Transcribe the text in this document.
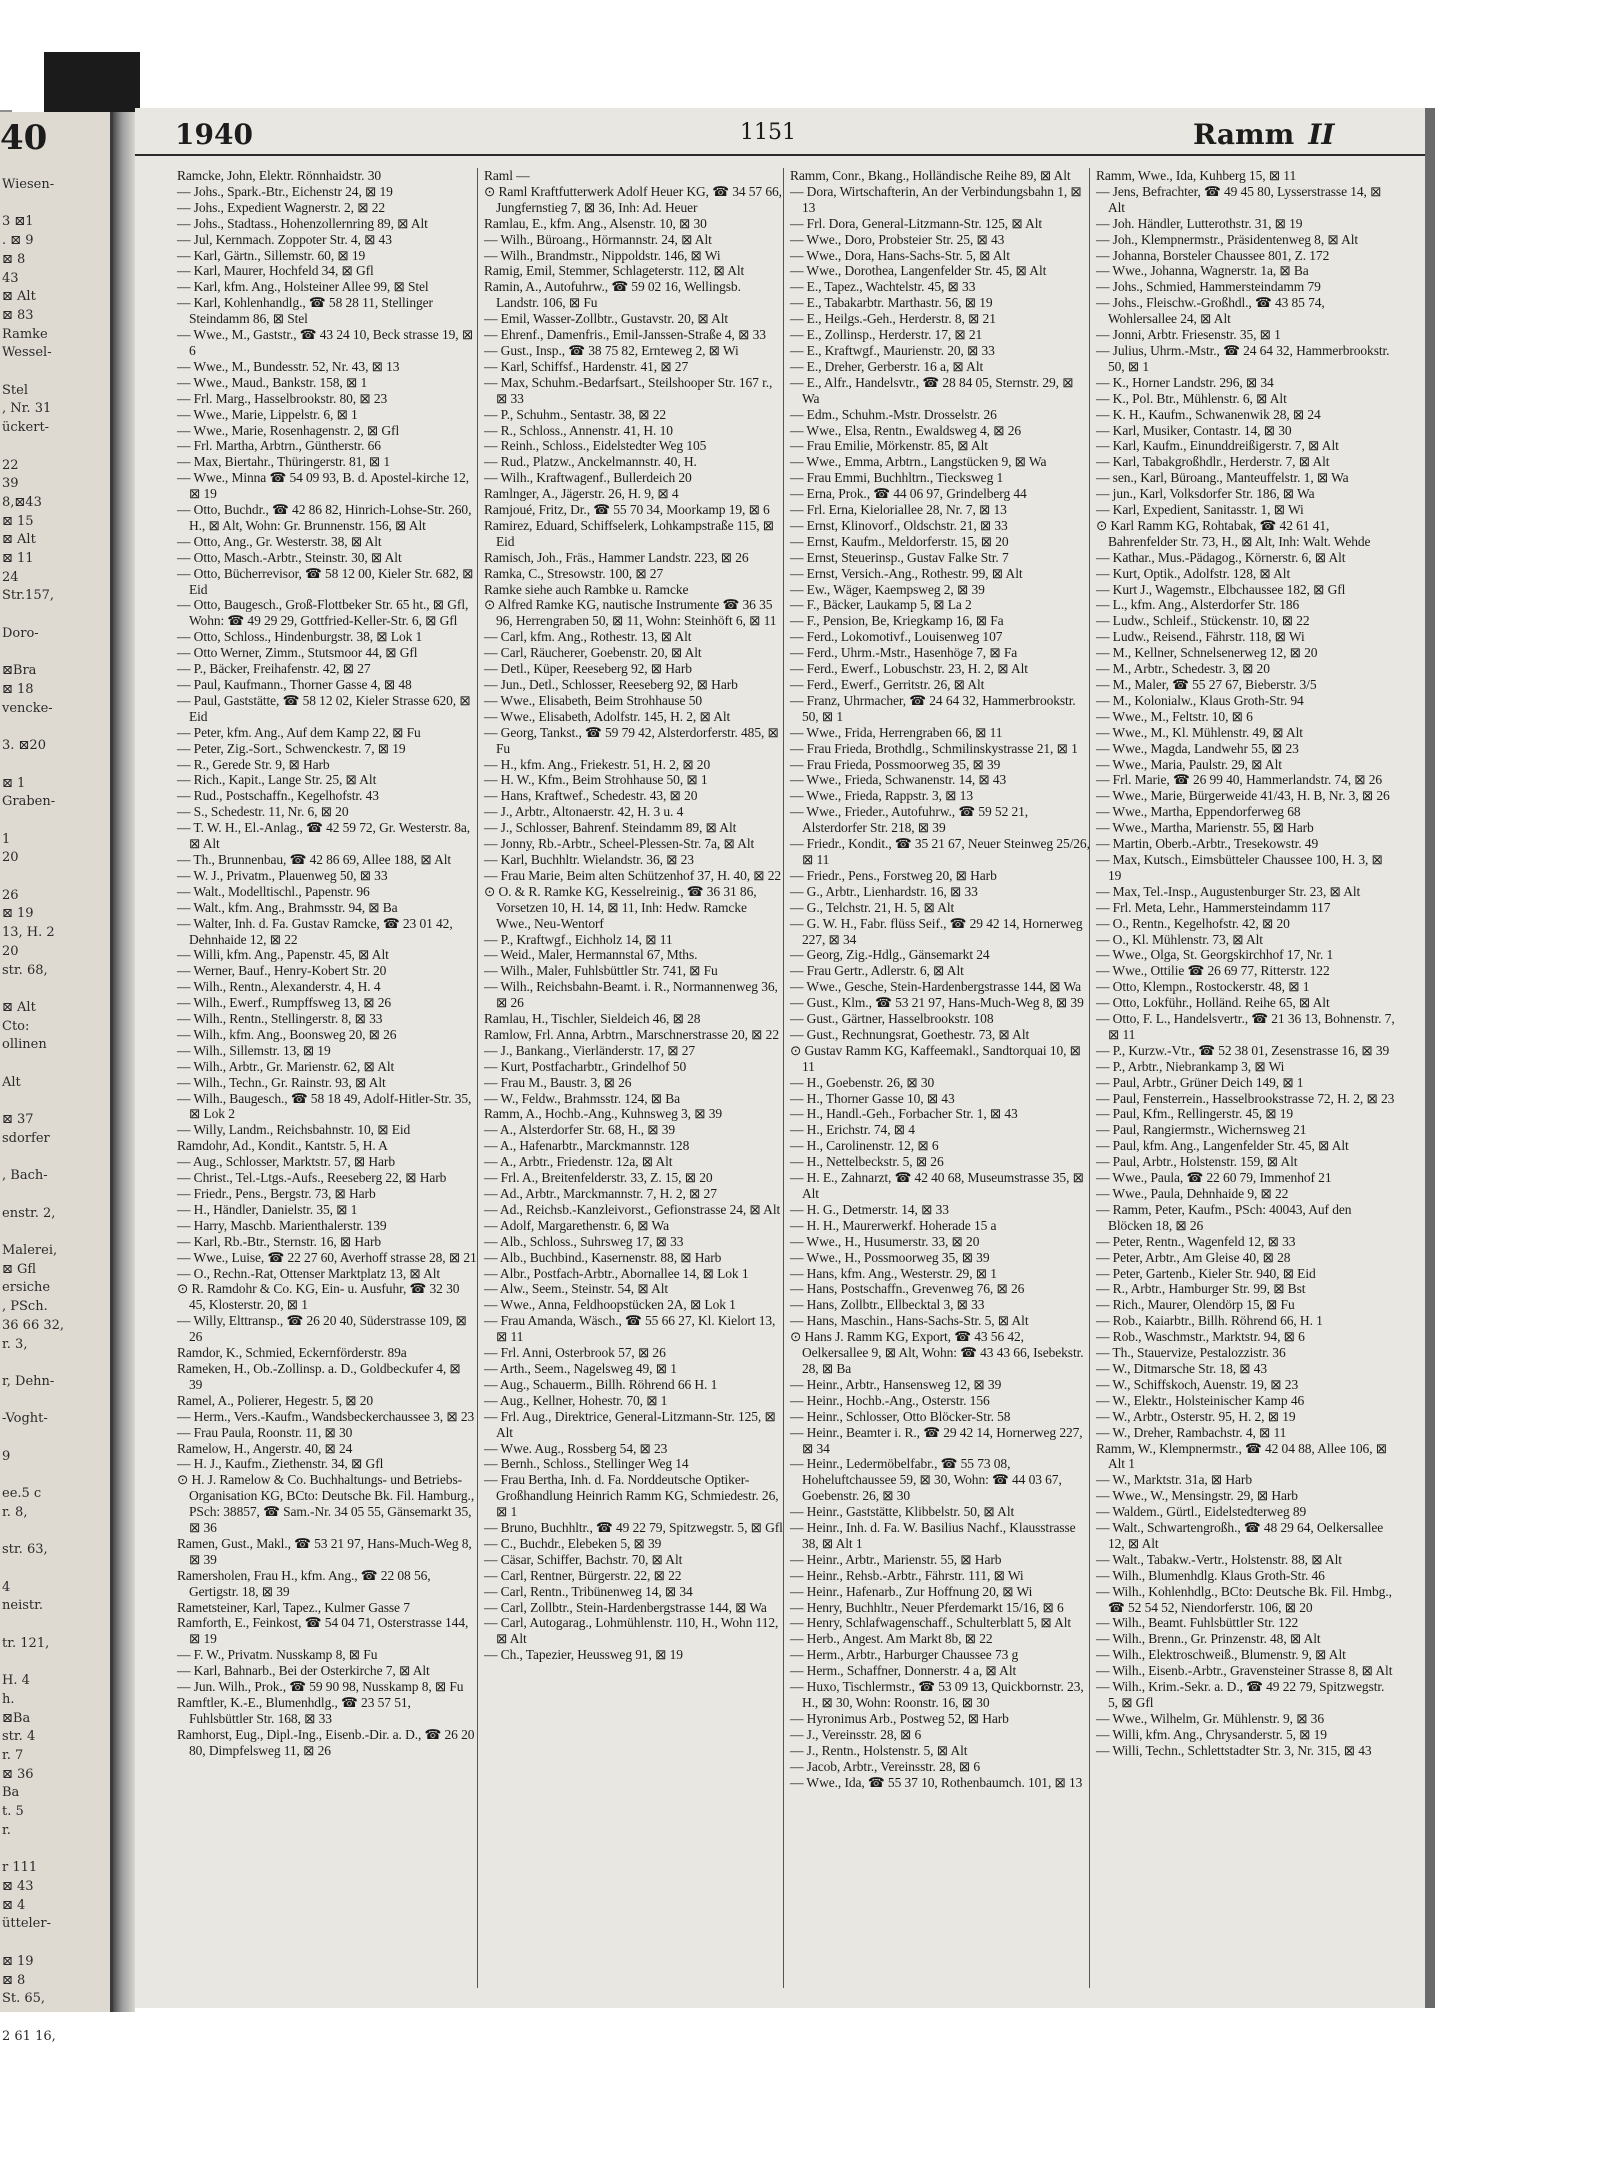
40
Wiesen-

3 ⊠1
. ⊠ 9
⊠ 8
43
⊠ Alt
⊠ 83
Ramke
Wessel-

Stel
, Nr. 31
ückert-

22
39
8,⊠43
⊠ 15
⊠ Alt
⊠ 11
24
Str.157,

Doro-

⊠Bra
⊠ 18
vencke-

3. ⊠20

⊠ 1
Graben-

1
20

26
⊠ 19
13, H. 2
20
str. 68,

⊠ Alt
Cto:
ollinen

Alt

⊠ 37
sdorfer

, Bach-

enstr. 2,

Malerei,
⊠ Gfl
ersiche
, PSch.
36 66 32,
r. 3,

r, Dehn-

-Voght-

9

ee.5 c
r. 8,

str. 63,

4
neistr.

tr. 121,

H. 4
h.
⊠Ba
str. 4
r. 7
⊠ 36
Ba
t. 5
r.

r 111
⊠ 43
⊠ 4
ütteler-

⊠ 19
⊠ 8
St. 65,

2 61 16,
1940	1151	Ramm II

Ramcke, John, Elektr. Rönnhaidstr. 30

— Johs., Spark.-Btr., Eichenstr 24, ⊠ 19

— Johs., Expedient Wagnerstr. 2, ⊠ 22

— Johs., Stadtass., Hohenzollernring 89, ⊠ Alt

— Jul, Kernmach. Zoppoter Str. 4, ⊠ 43

— Karl, Gärtn., Sillemstr. 60, ⊠ 19

— Karl, Maurer, Hochfeld 34, ⊠ Gfl

— Karl, kfm. Ang., Holsteiner Allee 99, ⊠ Stel

— Karl, Kohlenhandlg., ☎ 58 28 11, Stellinger Steindamm 86, ⊠ Stel

— Wwe., M., Gaststr., ☎ 43 24 10, Beck strasse 19, ⊠ 6

— Wwe., M., Bundesstr. 52, Nr. 43, ⊠ 13

— Wwe., Maud., Bankstr. 158, ⊠ 1

— Frl. Marg., Hasselbrookstr. 80, ⊠ 23

— Wwe., Marie, Lippelstr. 6, ⊠ 1

— Wwe., Marie, Rosenhagenstr. 2, ⊠ Gfl

— Frl. Martha, Arbtrn., Güntherstr. 66

— Max, Biertahr., Thüringerstr. 81, ⊠ 1

— Wwe., Minna ☎ 54 09 93, B. d. Apostel-kirche 12, ⊠ 19

— Otto, Buchdr., ☎ 42 86 82, Hinrich-Lohse-Str. 260, H., ⊠ Alt, Wohn: Gr. Brunnenstr. 156, ⊠ Alt

— Otto, Ang., Gr. Westerstr. 38, ⊠ Alt

— Otto, Masch.-Arbtr., Steinstr. 30, ⊠ Alt

— Otto, Bücherrevisor, ☎ 58 12 00, Kieler Str. 682, ⊠ Eid

— Otto, Baugesch., Groß-Flottbeker Str. 65 ht., ⊠ Gfl, Wohn: ☎ 49 29 29, Gottfried-Keller-Str. 6, ⊠ Gfl

— Otto, Schloss., Hindenburgstr. 38, ⊠ Lok 1

— Otto Werner, Zimm., Stutsmoor 44, ⊠ Gfl

— P., Bäcker, Freihafenstr. 42, ⊠ 27

— Paul, Kaufmann., Thorner Gasse 4, ⊠ 48

— Paul, Gaststätte, ☎ 58 12 02, Kieler Strasse 620, ⊠ Eid

— Peter, kfm. Ang., Auf dem Kamp 22, ⊠ Fu

— Peter, Zig.-Sort., Schwenckestr. 7, ⊠ 19

— R., Gerede Str. 9, ⊠ Harb

— Rich., Kapit., Lange Str. 25, ⊠ Alt

— Rud., Postschaffn., Kegelhofstr. 43

— S., Schedestr. 11, Nr. 6, ⊠ 20

— T. W. H., El.-Anlag., ☎ 42 59 72, Gr. Westerstr. 8a, ⊠ Alt

— Th., Brunnenbau, ☎ 42 86 69, Allee 188, ⊠ Alt

— W. J., Privatm., Plauenweg 50, ⊠ 33

— Walt., Modelltischl., Papenstr. 96

— Walt., kfm. Ang., Brahmsstr. 94, ⊠ Ba

— Walter, Inh. d. Fa. Gustav Ramcke, ☎ 23 01 42, Dehnhaide 12, ⊠ 22

— Willi, kfm. Ang., Papenstr. 45, ⊠ Alt

— Werner, Bauf., Henry-Kobert Str. 20

— Wilh., Rentn., Alexanderstr. 4, H. 4

— Wilh., Ewerf., Rumpffsweg 13, ⊠ 26

— Wilh., Rentn., Stellingerstr. 8, ⊠ 33

— Wilh., kfm. Ang., Boonsweg 20, ⊠ 26

— Wilh., Sillemstr. 13, ⊠ 19

— Wilh., Arbtr., Gr. Marienstr. 62, ⊠ Alt

— Wilh., Techn., Gr. Rainstr. 93, ⊠ Alt

— Wilh., Baugesch., ☎ 58 18 49, Adolf-Hitler-Str. 35, ⊠ Lok 2

— Willy, Landm., Reichsbahnstr. 10, ⊠ Eid

Ramdohr, Ad., Kondit., Kantstr. 5, H. A

— Aug., Schlosser, Marktstr. 57, ⊠ Harb

— Christ., Tel.-Ltgs.-Aufs., Reeseberg 22, ⊠ Harb

— Friedr., Pens., Bergstr. 73, ⊠ Harb

— H., Händler, Danielstr. 35, ⊠ 1

— Harry, Maschb. Marienthalerstr. 139

— Karl, Rb.-Btr., Sternstr. 16, ⊠ Harb

— Wwe., Luise, ☎ 22 27 60, Averhoff strasse 28, ⊠ 21

— O., Rechn.-Rat, Ottenser Marktplatz 13, ⊠ Alt

⊙ R. Ramdohr & Co. KG, Ein- u. Ausfuhr, ☎ 32 30 45, Klosterstr. 20, ⊠ 1

— Willy, Elttransp., ☎ 26 20 40, Süderstrasse 109, ⊠ 26

Ramdor, K., Schmied, Eckernförderstr. 89a

Rameken, H., Ob.-Zollinsp. a. D., Goldbeckufer 4, ⊠ 39

Ramel, A., Polierer, Hegestr. 5, ⊠ 20

— Herm., Vers.-Kaufm., Wandsbeckerchaussee 3, ⊠ 23

— Frau Paula, Roonstr. 11, ⊠ 30

Ramelow, H., Angerstr. 40, ⊠ 24

— H. J., Kaufm., Ziethenstr. 34, ⊠ Gfl

⊙ H. J. Ramelow & Co. Buchhaltungs- und Betriebs-Organisation KG, BCto: Deutsche Bk. Fil. Hamburg., PSch: 38857, ☎ Sam.-Nr. 34 05 55, Gänsemarkt 35, ⊠ 36

Ramen, Gust., Makl., ☎ 53 21 97, Hans-Much-Weg 8, ⊠ 39

Ramersholen, Frau H., kfm. Ang., ☎ 22 08 56, Gertigstr. 18, ⊠ 39

Rametsteiner, Karl, Tapez., Kulmer Gasse 7

Ramforth, E., Feinkost, ☎ 54 04 71, Osterstrasse 144, ⊠ 19

— F. W., Privatm. Nusskamp 8, ⊠ Fu

— Karl, Bahnarb., Bei der Osterkirche 7, ⊠ Alt

— Jun. Wilh., Prok., ☎ 59 90 98, Nusskamp 8, ⊠ Fu

Ramftler, K.-E., Blumenhdlg., ☎ 23 57 51, Fuhlsbüttler Str. 168, ⊠ 33

Ramhorst, Eug., Dipl.-Ing., Eisenb.-Dir. a. D., ☎ 26 20 80, Dimpfelsweg 11, ⊠ 26

Raml —

⊙ Raml Kraftfutterwerk Adolf Heuer KG, ☎ 34 57 66, Jungfernstieg 7, ⊠ 36, Inh: Ad. Heuer

Ramlau, E., kfm. Ang., Alsenstr. 10, ⊠ 30

— Wilh., Büroang., Hörmannstr. 24, ⊠ Alt

— Wilh., Brandmstr., Nippoldstr. 146, ⊠ Wi

Ramig, Emil, Stemmer, Schlageterstr. 112, ⊠ Alt

Ramin, A., Autofuhrw., ☎ 59 02 16, Wellingsb. Landstr. 106, ⊠ Fu

— Emil, Wasser-Zollbtr., Gustavstr. 20, ⊠ Alt

— Ehrenf., Damenfris., Emil-Janssen-Straße 4, ⊠ 33

— Gust., Insp., ☎ 38 75 82, Ernteweg 2, ⊠ Wi

— Karl, Schiffsf., Hardenstr. 41, ⊠ 27

— Max, Schuhm.-Bedarfsart., Steilshooper Str. 167 r., ⊠ 33

— P., Schuhm., Sentastr. 38, ⊠ 22

— R., Schloss., Annenstr. 41, H. 10

— Reinh., Schloss., Eidelstedter Weg 105

— Rud., Platzw., Anckelmannstr. 40, H.

— Wilh., Kraftwagenf., Bullerdeich 20

Ramlnger, A., Jägerstr. 26, H. 9, ⊠ 4

Ramjoué, Fritz, Dr., ☎ 55 70 34, Moorkamp 19, ⊠ 6

Ramirez, Eduard, Schiffselerk, Lohkampstraße 115, ⊠ Eid

Ramisch, Joh., Fräs., Hammer Landstr. 223, ⊠ 26

Ramka, C., Stresowstr. 100, ⊠ 27

Ramke siehe auch Rambke u. Ramcke

⊙ Alfred Ramke KG, nautische Instrumente ☎ 36 35 96, Herrengraben 50, ⊠ 11, Wohn: Steinhöft 6, ⊠ 11

— Carl, kfm. Ang., Rothestr. 13, ⊠ Alt

— Carl, Räucherer, Goebenstr. 20, ⊠ Alt

— Detl., Küper, Reeseberg 92, ⊠ Harb

— Jun., Detl., Schlosser, Reeseberg 92, ⊠ Harb

— Wwe., Elisabeth, Beim Strohhause 50

— Wwe., Elisabeth, Adolfstr. 145, H. 2, ⊠ Alt

— Georg, Tankst., ☎ 59 79 42, Alsterdorferstr. 485, ⊠ Fu

— H., kfm. Ang., Friekestr. 51, H. 2, ⊠ 20

— H. W., Kfm., Beim Strohhause 50, ⊠ 1

— Hans, Kraftwef., Schedestr. 43, ⊠ 20

— J., Arbtr., Altonaerstr. 42, H. 3 u. 4

— J., Schlosser, Bahrenf. Steindamm 89, ⊠ Alt

— Jonny, Rb.-Arbtr., Scheel-Plessen-Str. 7a, ⊠ Alt

— Karl, Buchhltr. Wielandstr. 36, ⊠ 23

— Frau Marie, Beim alten Schützenhof 37, H. 40, ⊠ 22

⊙ O. & R. Ramke KG, Kesselreinig., ☎ 36 31 86, Vorsetzen 10, H. 14, ⊠ 11, Inh: Hedw. Ramcke Wwe., Neu-Wentorf

— P., Kraftwgf., Eichholz 14, ⊠ 11

— Weid., Maler, Hermannstal 67, Mths.

— Wilh., Maler, Fuhlsbüttler Str. 741, ⊠ Fu

— Wilh., Reichsbahn-Beamt. i. R., Normannenweg 36, ⊠ 26

Ramlau, H., Tischler, Sieldeich 46, ⊠ 28

Ramlow, Frl. Anna, Arbtrn., Marschnerstrasse 20, ⊠ 22

— J., Bankang., Vierländerstr. 17, ⊠ 27

— Kurt, Postfacharbtr., Grindelhof 50

— Frau M., Baustr. 3, ⊠ 26

— W., Feldw., Brahmsstr. 124, ⊠ Ba

Ramm, A., Hochb.-Ang., Kuhnsweg 3, ⊠ 39

— A., Alsterdorfer Str. 68, H., ⊠ 39

— A., Hafenarbtr., Marckmannstr. 128

— A., Arbtr., Friedenstr. 12a, ⊠ Alt

— Frl. A., Breitenfelderstr. 33, Z. 15, ⊠ 20

— Ad., Arbtr., Marckmannstr. 7, H. 2, ⊠ 27

— Ad., Reichsb.-Kanzleivorst., Gefionstrasse 24, ⊠ Alt

— Adolf, Margarethenstr. 6, ⊠ Wa

— Alb., Schloss., Suhrsweg 17, ⊠ 33

— Alb., Buchbind., Kasernenstr. 88, ⊠ Harb

— Albr., Postfach-Arbtr., Abornallee 14, ⊠ Lok 1

— Alw., Seem., Steinstr. 54, ⊠ Alt

— Wwe., Anna, Feldhoopstücken 2A, ⊠ Lok 1

— Frau Amanda, Wäsch., ☎ 55 66 27, Kl. Kielort 13, ⊠ 11

— Frl. Anni, Osterbrook 57, ⊠ 26

— Arth., Seem., Nagelsweg 49, ⊠ 1

— Aug., Schauerm., Billh. Röhrend 66 H. 1

— Aug., Kellner, Hohestr. 70, ⊠ 1

— Frl. Aug., Direktrice, General-Litzmann-Str. 125, ⊠ Alt

— Wwe. Aug., Rossberg 54, ⊠ 23

— Bernh., Schloss., Stellinger Weg 14

— Frau Bertha, Inh. d. Fa. Norddeutsche Optiker-Großhandlung Heinrich Ramm KG, Schmiedestr. 26, ⊠ 1

— Bruno, Buchhltr., ☎ 49 22 79, Spitzwegstr. 5, ⊠ Gfl

— C., Buchdr., Elebeken 5, ⊠ 39

— Cäsar, Schiffer, Bachstr. 70, ⊠ Alt

— Carl, Rentner, Bürgerstr. 22, ⊠ 22

— Carl, Rentn., Tribünenweg 14, ⊠ 34

— Carl, Zollbtr., Stein-Hardenbergstrasse 144, ⊠ Wa

— Carl, Autogarag., Lohmühlenstr. 110, H., Wohn 112, ⊠ Alt

— Ch., Tapezier, Heussweg 91, ⊠ 19

Ramm, Conr., Bkang., Holländische Reihe 89, ⊠ Alt

— Dora, Wirtschafterin, An der Verbindungsbahn 1, ⊠ 13

— Frl. Dora, General-Litzmann-Str. 125, ⊠ Alt

— Wwe., Doro, Probsteier Str. 25, ⊠ 43

— Wwe., Dora, Hans-Sachs-Str. 5, ⊠ Alt

— Wwe., Dorothea, Langenfelder Str. 45, ⊠ Alt

— E., Tapez., Wachtelstr. 45, ⊠ 33

— E., Tabakarbtr. Marthastr. 56, ⊠ 19

— E., Heilgs.-Geh., Herderstr. 8, ⊠ 21

— E., Zollinsp., Herderstr. 17, ⊠ 21

— E., Kraftwgf., Maurienstr. 20, ⊠ 33

— E., Dreher, Gerberstr. 16 a, ⊠ Alt

— E., Alfr., Handelsvtr., ☎ 28 84 05, Sternstr. 29, ⊠ Wa

— Edm., Schuhm.-Mstr. Drosselstr. 26

— Wwe., Elsa, Rentn., Ewaldsweg 4, ⊠ 26

— Frau Emilie, Mörkenstr. 85, ⊠ Alt

— Wwe., Emma, Arbtrn., Langstücken 9, ⊠ Wa

— Frau Emmi, Buchhltrn., Tiecksweg 1

— Erna, Prok., ☎ 44 06 97, Grindelberg 44

— Frl. Erna, Kieloriallee 28, Nr. 7, ⊠ 13

— Ernst, Klinovorf., Oldschstr. 21, ⊠ 33

— Ernst, Kaufm., Meldorferstr. 15, ⊠ 20

— Ernst, Steuerinsp., Gustav Falke Str. 7

— Ernst, Versich.-Ang., Rothestr. 99, ⊠ Alt

— Ew., Wäger, Kaempsweg 2, ⊠ 39

— F., Bäcker, Laukamp 5, ⊠ La 2

— F., Pension, Be, Kriegkamp 16, ⊠ Fa

— Ferd., Lokomotivf., Louisenweg 107

— Ferd., Uhrm.-Mstr., Hasenhöge 7, ⊠ Fa

— Ferd., Ewerf., Lobuschstr. 23, H. 2, ⊠ Alt

— Ferd., Ewerf., Gerritstr. 26, ⊠ Alt

— Franz, Uhrmacher, ☎ 24 64 32, Hammerbrookstr. 50, ⊠ 1

— Wwe., Frida, Herrengraben 66, ⊠ 11

— Frau Frieda, Brothdlg., Schmilinskystrasse 21, ⊠ 1

— Frau Frieda, Possmoorweg 35, ⊠ 39

— Wwe., Frieda, Schwanenstr. 14, ⊠ 43

— Wwe., Frieda, Rappstr. 3, ⊠ 13

— Wwe., Frieder., Autofuhrw., ☎ 59 52 21, Alsterdorfer Str. 218, ⊠ 39

— Friedr., Kondit., ☎ 35 21 67, Neuer Steinweg 25/26, ⊠ 11

— Friedr., Pens., Forstweg 20, ⊠ Harb

— G., Arbtr., Lienhardstr. 16, ⊠ 33

— G., Telchstr. 21, H. 5, ⊠ Alt

— G. W. H., Fabr. flüss Seif., ☎ 29 42 14, Hornerweg 227, ⊠ 34

— Georg, Zig.-Hdlg., Gänsemarkt 24

— Frau Gertr., Adlerstr. 6, ⊠ Alt

— Wwe., Gesche, Stein-Hardenbergstrasse 144, ⊠ Wa

— Gust., Klm., ☎ 53 21 97, Hans-Much-Weg 8, ⊠ 39

— Gust., Gärtner, Hasselbrookstr. 108

— Gust., Rechnungsrat, Goethestr. 73, ⊠ Alt

⊙ Gustav Ramm KG, Kaffeemakl., Sandtorquai 10, ⊠ 11

— H., Goebenstr. 26, ⊠ 30

— H., Thorner Gasse 10, ⊠ 43

— H., Handl.-Geh., Forbacher Str. 1, ⊠ 43

— H., Erichstr. 74, ⊠ 4

— H., Carolinenstr. 12, ⊠ 6

— H., Nettelbeckstr. 5, ⊠ 26

— H. E., Zahnarzt, ☎ 42 40 68, Museumstrasse 35, ⊠ Alt

— H. G., Detmerstr. 14, ⊠ 33

— H. H., Maurerwerkf. Hoherade 15 a

— Wwe., H., Husumerstr. 33, ⊠ 20

— Wwe., H., Possmoorweg 35, ⊠ 39

— Hans, kfm. Ang., Westerstr. 29, ⊠ 1

— Hans, Postschaffn., Grevenweg 76, ⊠ 26

— Hans, Zollbtr., Ellbecktal 3, ⊠ 33

— Hans, Maschin., Hans-Sachs-Str. 5, ⊠ Alt

⊙ Hans J. Ramm KG, Export, ☎ 43 56 42, Oelkersallee 9, ⊠ Alt, Wohn: ☎ 43 43 66, Isebekstr. 28, ⊠ Ba

— Heinr., Arbtr., Hansensweg 12, ⊠ 39

— Heinr., Hochb.-Ang., Osterstr. 156

— Heinr., Schlosser, Otto Blöcker-Str. 58

— Heinr., Beamter i. R., ☎ 29 42 14, Hornerweg 227, ⊠ 34

— Heinr., Ledermöbelfabr., ☎ 55 73 08, Hoheluftchaussee 59, ⊠ 30, Wohn: ☎ 44 03 67, Goebenstr. 26, ⊠ 30

— Heinr., Gaststätte, Klibbelstr. 50, ⊠ Alt

— Heinr., Inh. d. Fa. W. Basilius Nachf., Klausstrasse 38, ⊠ Alt 1

— Heinr., Arbtr., Marienstr. 55, ⊠ Harb

— Heinr., Rehsb.-Arbtr., Fährstr. 111, ⊠ Wi

— Heinr., Hafenarb., Zur Hoffnung 20, ⊠ Wi

— Henry, Buchhltr., Neuer Pferdemarkt 15/16, ⊠ 6

— Henry, Schlafwagenschaff., Schulterblatt 5, ⊠ Alt

— Herb., Angest. Am Markt 8b, ⊠ 22

— Herm., Arbtr., Harburger Chaussee 73 g

— Herm., Schaffner, Donnerstr. 4 a, ⊠ Alt

— Huxo, Tischlermstr., ☎ 53 09 13, Quickbornstr. 23, H., ⊠ 30, Wohn: Roonstr. 16, ⊠ 30

— Hyronimus Arb., Postweg 52, ⊠ Harb

— J., Vereinsstr. 28, ⊠ 6

— J., Rentn., Holstenstr. 5, ⊠ Alt

— Jacob, Arbtr., Vereinsstr. 28, ⊠ 6

— Wwe., Ida, ☎ 55 37 10, Rothenbaumch. 101, ⊠ 13

Ramm, Wwe., Ida, Kuhberg 15, ⊠ 11

— Jens, Befrachter, ☎ 49 45 80, Lysserstrasse 14, ⊠ Alt

— Joh. Händler, Lutterothstr. 31, ⊠ 19

— Joh., Klempnermstr., Präsidentenweg 8, ⊠ Alt

— Johanna, Borsteler Chaussee 801, Z. 172

— Wwe., Johanna, Wagnerstr. 1a, ⊠ Ba

— Johs., Schmied, Hammersteindamm 79

— Johs., Fleischw.-Großhdl., ☎ 43 85 74, Wohlersallee 24, ⊠ Alt

— Jonni, Arbtr. Friesenstr. 35, ⊠ 1

— Julius, Uhrm.-Mstr., ☎ 24 64 32, Hammerbrookstr. 50, ⊠ 1

— K., Horner Landstr. 296, ⊠ 34

— K., Pol. Btr., Mühlenstr. 6, ⊠ Alt

— K. H., Kaufm., Schwanenwik 28, ⊠ 24

— Karl, Musiker, Contastr. 14, ⊠ 30

— Karl, Kaufm., Einunddreißigerstr. 7, ⊠ Alt

— Karl, Tabakgroßhdlr., Herderstr. 7, ⊠ Alt

— sen., Karl, Büroang., Manteuffelstr. 1, ⊠ Wa

— jun., Karl, Volksdorfer Str. 186, ⊠ Wa

— Karl, Expedient, Sanitasstr. 1, ⊠ Wi

⊙ Karl Ramm KG, Rohtabak, ☎ 42 61 41, Bahrenfelder Str. 73, H., ⊠ Alt, Inh: Walt. Wehde

— Kathar., Mus.-Pädagog., Körnerstr. 6, ⊠ Alt

— Kurt, Optik., Adolfstr. 128, ⊠ Alt

— Kurt J., Wagemstr., Elbchaussee 182, ⊠ Gfl

— L., kfm. Ang., Alsterdorfer Str. 186

— Ludw., Schleif., Stückenstr. 10, ⊠ 22

— Ludw., Reisend., Fährstr. 118, ⊠ Wi

— M., Kellner, Schnelsenerweg 12, ⊠ 20

— M., Arbtr., Schedestr. 3, ⊠ 20

— M., Maler, ☎ 55 27 67, Bieberstr. 3/5

— M., Kolonialw., Klaus Groth-Str. 94

— Wwe., M., Feltstr. 10, ⊠ 6

— Wwe., M., Kl. Mühlenstr. 49, ⊠ Alt

— Wwe., Magda, Landwehr 55, ⊠ 23

— Wwe., Maria, Paulstr. 29, ⊠ Alt

— Frl. Marie, ☎ 26 99 40, Hammerlandstr. 74, ⊠ 26

— Wwe., Marie, Bürgerweide 41/43, H. B, Nr. 3, ⊠ 26

— Wwe., Martha, Eppendorferweg 68

— Wwe., Martha, Marienstr. 55, ⊠ Harb

— Martin, Oberb.-Arbtr., Tresekowstr. 49

— Max, Kutsch., Eimsbütteler Chaussee 100, H. 3, ⊠ 19

— Max, Tel.-Insp., Augustenburger Str. 23, ⊠ Alt

— Frl. Meta, Lehr., Hammersteindamm 117

— O., Rentn., Kegelhofstr. 42, ⊠ 20

— O., Kl. Mühlenstr. 73, ⊠ Alt

— Wwe., Olga, St. Georgskirchhof 17, Nr. 1

— Wwe., Ottilie ☎ 26 69 77, Ritterstr. 122

— Otto, Klempn., Rostockerstr. 48, ⊠ 1

— Otto, Lokführ., Holländ. Reihe 65, ⊠ Alt

— Otto, F. L., Handelsvertr., ☎ 21 36 13, Bohnenstr. 7, ⊠ 11

— P., Kurzw.-Vtr., ☎ 52 38 01, Zesenstrasse 16, ⊠ 39

— P., Arbtr., Niebrankamp 3, ⊠ Wi

— Paul, Arbtr., Grüner Deich 149, ⊠ 1

— Paul, Fensterrein., Hasselbrookstrasse 72, H. 2, ⊠ 23

— Paul, Kfm., Rellingerstr. 45, ⊠ 19

— Paul, Rangiermstr., Wichernsweg 21

— Paul, kfm. Ang., Langenfelder Str. 45, ⊠ Alt

— Paul, Arbtr., Holstenstr. 159, ⊠ Alt

— Wwe., Paula, ☎ 22 60 79, Immenhof 21

— Wwe., Paula, Dehnhaide 9, ⊠ 22

— Ramm, Peter, Kaufm., PSch: 40043, Auf den Blöcken 18, ⊠ 26

— Peter, Rentn., Wagenfeld 12, ⊠ 33

— Peter, Arbtr., Am Gleise 40, ⊠ 28

— Peter, Gartenb., Kieler Str. 940, ⊠ Eid

— R., Arbtr., Hamburger Str. 99, ⊠ Bst

— Rich., Maurer, Olendörp 15, ⊠ Fu

— Rob., Kaiarbtr., Billh. Röhrend 66, H. 1

— Rob., Waschmstr., Marktstr. 94, ⊠ 6

— Th., Stauervize, Pestalozzistr. 36

— W., Ditmarsche Str. 18, ⊠ 43

— W., Schiffskoch, Auenstr. 19, ⊠ 23

— W., Elektr., Holsteinischer Kamp 46

— W., Arbtr., Osterstr. 95, H. 2, ⊠ 19

— W., Dreher, Rambachstr. 4, ⊠ 11

Ramm, W., Klempnermstr., ☎ 42 04 88, Allee 106, ⊠ Alt 1

— W., Marktstr. 31a, ⊠ Harb

— Wwe., W., Mensingstr. 29, ⊠ Harb

— Waldem., Gürtl., Eidelstedterweg 89

— Walt., Schwartengroßh., ☎ 48 29 64, Oelkersallee 12, ⊠ Alt

— Walt., Tabakw.-Vertr., Holstenstr. 88, ⊠ Alt

— Wilh., Blumenhdlg. Klaus Groth-Str. 46

— Wilh., Kohlenhdlg., BCto: Deutsche Bk. Fil. Hmbg., ☎ 52 54 52, Niendorferstr. 106, ⊠ 20

— Wilh., Beamt. Fuhlsbüttler Str. 122

— Wilh., Brenn., Gr. Prinzenstr. 48, ⊠ Alt

— Wilh., Elektroschweiß., Blumenstr. 9, ⊠ Alt

— Wilh., Eisenb.-Arbtr., Gravensteiner Strasse 8, ⊠ Alt

— Wilh., Krim.-Sekr. a. D., ☎ 49 22 79, Spitzwegstr. 5, ⊠ Gfl

— Wwe., Wilhelm, Gr. Mühlenstr. 9, ⊠ 36

— Willi, kfm. Ang., Chrysanderstr. 5, ⊠ 19

— Willi, Techn., Schlettstadter Str. 3, Nr. 315, ⊠ 43
